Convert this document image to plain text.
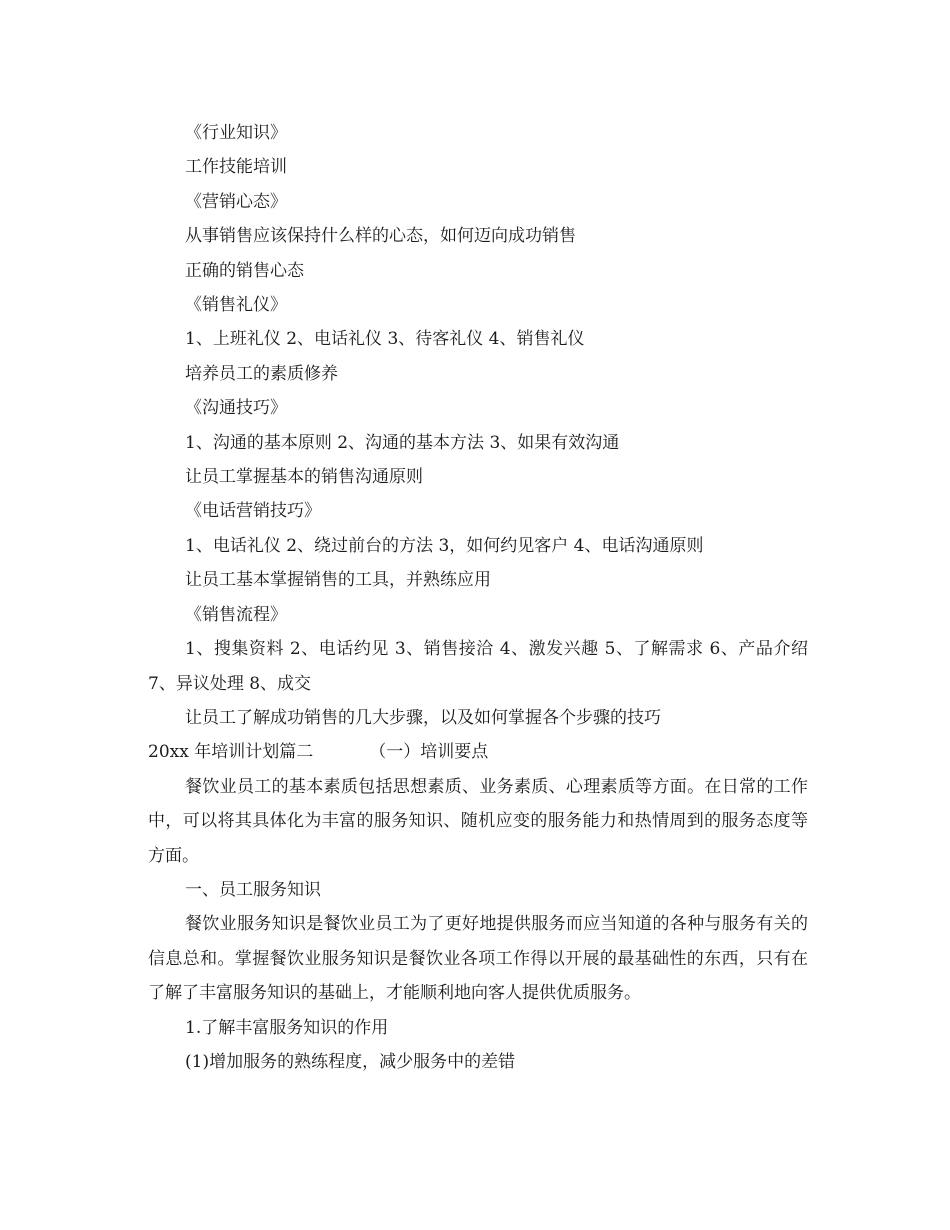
《行业知识》
工作技能培训
《营销心态》
从事销售应该保持什么样的心态，如何迈向成功销售
正确的销售心态
《销售礼仪》
1、上班礼仪 2、电话礼仪 3、待客礼仪 4、销售礼仪
培养员工的素质修养
《沟通技巧》
1、沟通的基本原则 2、沟通的基本方法 3、如果有效沟通
让员工掌握基本的销售沟通原则
《电话营销技巧》
1、电话礼仪 2、绕过前台的方法 3，如何约见客户 4、电话沟通原则
让员工基本掌握销售的工具，并熟练应用
《销售流程》
1、搜集资料 2、电话约见 3、销售接洽 4、激发兴趣 5、了解需求 6、产品介绍 7、异议处理 8、成交
让员工了解成功销售的几大步骤，以及如何掌握各个步骤的技巧
20xx 年培训计划篇二	（一）培训要点
餐饮业员工的基本素质包括思想素质、业务素质、心理素质等方面。在日常的工作中，可以将其具体化为丰富的服务知识、随机应变的服务能力和热情周到的服务态度等方面。
一、员工服务知识
餐饮业服务知识是餐饮业员工为了更好地提供服务而应当知道的各种与服务有关的信息总和。掌握餐饮业服务知识是餐饮业各项工作得以开展的最基础性的东西，只有在了解了丰富服务知识的基础上，才能顺利地向客人提供优质服务。
1.了解丰富服务知识的作用
(1)增加服务的熟练程度，减少服务中的差错
